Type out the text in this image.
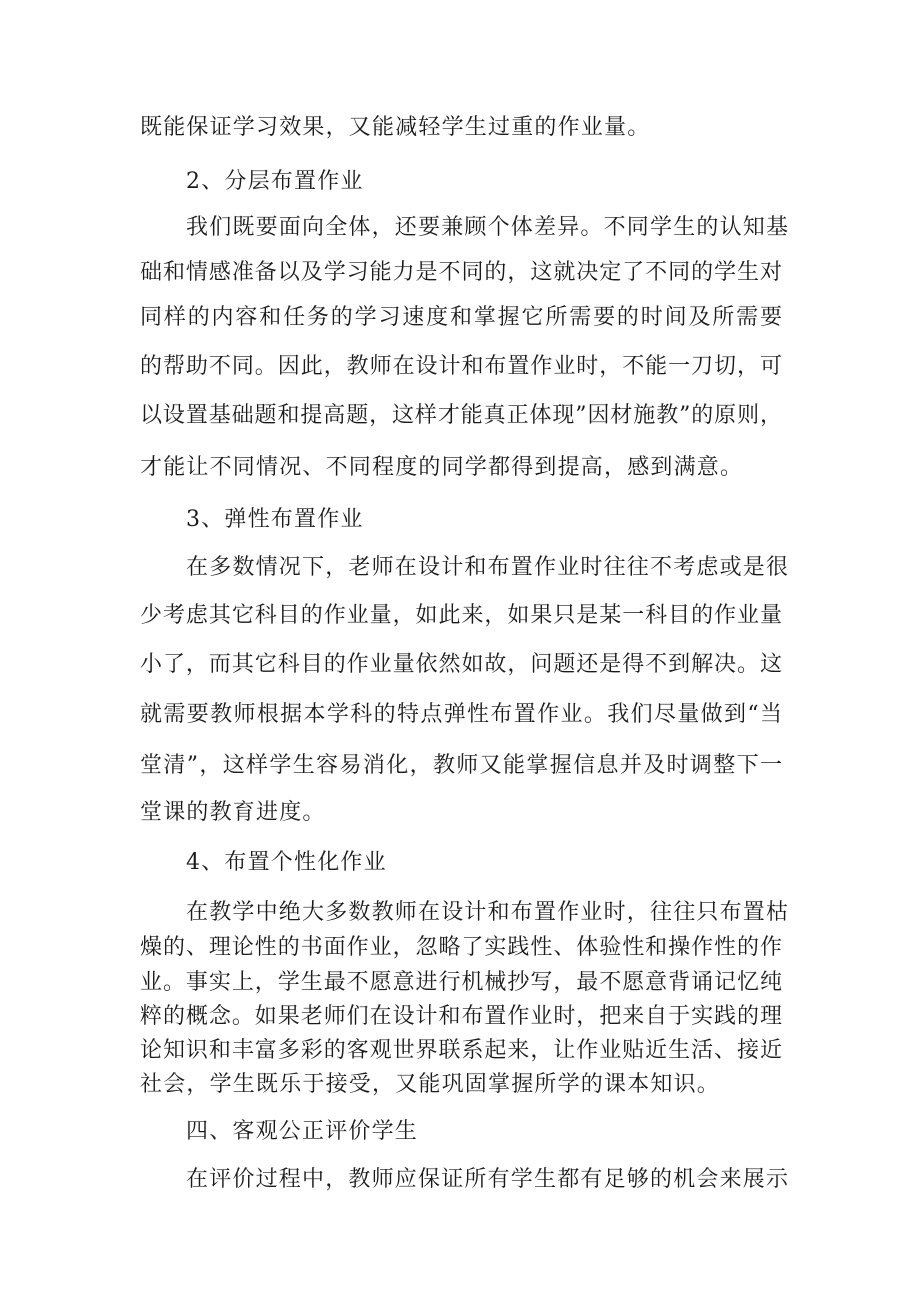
既能保证学习效果，又能减轻学生过重的作业量。
2、分层布置作业
我们既要面向全体，还要兼顾个体差异。不同学生的认知基
础和情感准备以及学习能力是不同的，这就决定了不同的学生对
同样的内容和任务的学习速度和掌握它所需要的时间及所需要
的帮助不同。因此，教师在设计和布置作业时，不能一刀切，可
以设置基础题和提高题，这样才能真正体现”因材施教”的原则，
才能让不同情况、不同程度的同学都得到提高，感到满意。
3、弹性布置作业
在多数情况下，老师在设计和布置作业时往往不考虑或是很
少考虑其它科目的作业量，如此来，如果只是某一科目的作业量
小了，而其它科目的作业量依然如故，问题还是得不到解决。这
就需要教师根据本学科的特点弹性布置作业。我们尽量做到“当
堂清”，这样学生容易消化，教师又能掌握信息并及时调整下一
堂课的教育进度。
4、布置个性化作业
在教学中绝大多数教师在设计和布置作业时，往往只布置枯
燥的、理论性的书面作业，忽略了实践性、体验性和操作性的作
业。事实上，学生最不愿意进行机械抄写，最不愿意背诵记忆纯
粹的概念。如果老师们在设计和布置作业时，把来自于实践的理
论知识和丰富多彩的客观世界联系起来，让作业贴近生活、接近
社会，学生既乐于接受，又能巩固掌握所学的课本知识。
四、客观公正评价学生
在评价过程中，教师应保证所有学生都有足够的机会来展示
